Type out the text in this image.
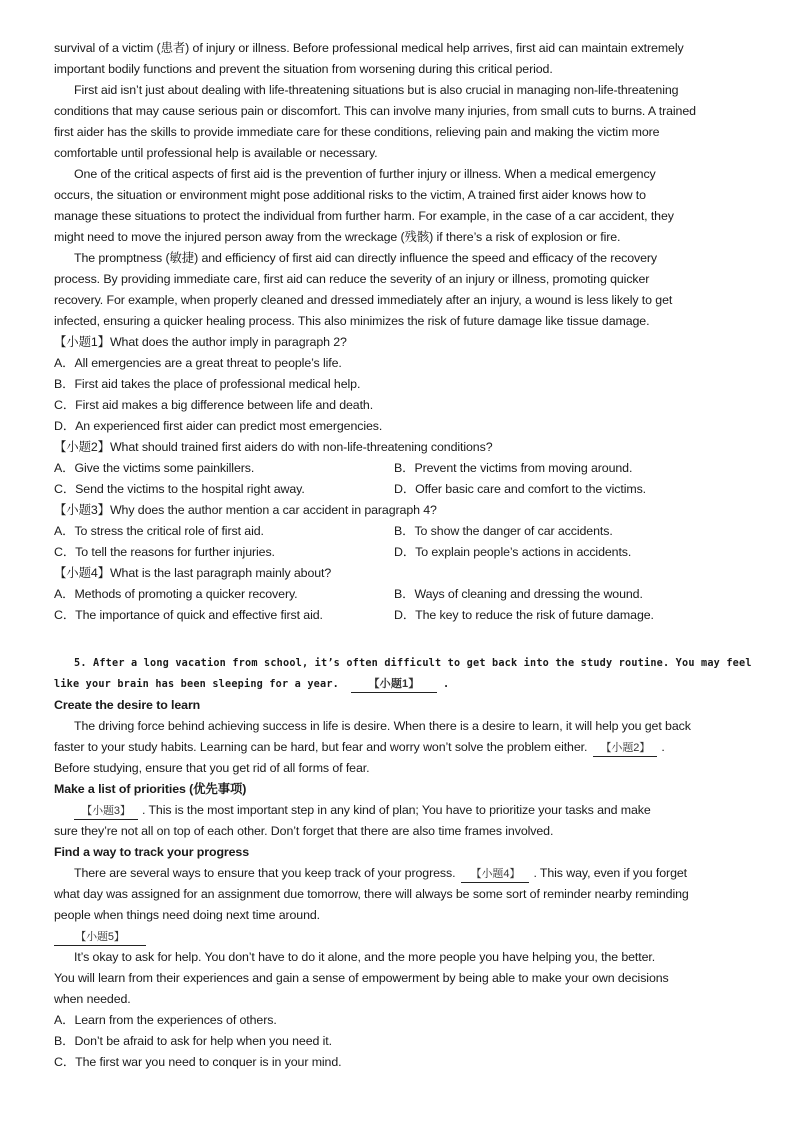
survival of a victim (患者) of injury or illness. Before professional medical help arrives, first aid can maintain extremely
important bodily functions and prevent the situation from worsening during this critical period.
First aid isn’t just about dealing with life-threatening situations but is also crucial in managing non-life-threatening
conditions that may cause serious pain or discomfort. This can involve many injuries, from small cuts to burns. A trained
first aider has the skills to provide immediate care for these conditions, relieving pain and making the victim more
comfortable until professional help is available or necessary.
One of the critical aspects of first aid is the prevention of further injury or illness. When a medical emergency
occurs, the situation or environment might pose additional risks to the victim, A trained first aider knows how to
manage these situations to protect the individual from further harm. For example, in the case of a car accident, they
might need to move the injured person away from the wreckage (残骸) if there’s a risk of explosion or fire.
The promptness (敏捷) and efficiency of first aid can directly influence the speed and efficacy of the recovery
process. By providing immediate care, first aid can reduce the severity of an injury or illness, promoting quicker
recovery. For example, when properly cleaned and dressed immediately after an injury, a wound is less likely to get
infected, ensuring a quicker healing process. This also minimizes the risk of future damage like tissue damage.
【小题1】What does the author imply in paragraph 2?
A．All emergencies are a great threat to people’s life.
B．First aid takes the place of professional medical help.
C．First aid makes a big difference between life and death.
D．An experienced first aider can predict most emergencies.
【小题2】What should trained first aiders do with non-life-threatening conditions?
A．Give the victims some painkillers.	B．Prevent the victims from moving around.
C．Send the victims to the hospital right away.	D．Offer basic care and comfort to the victims.
【小题3】Why does the author mention a car accident in paragraph 4?
A．To stress the critical role of first aid.	B．To show the danger of car accidents.
C．To tell the reasons for further injuries.	D．To explain people’s actions in accidents.
【小题4】What is the last paragraph mainly about?
A．Methods of promoting a quicker recovery.	B．Ways of cleaning and dressing the wound.
C．The importance of quick and effective first aid.	D．The key to reduce the risk of future damage.
5. After a long vacation from school, it’s often difficult to get back into the study routine. You may feel
like your brain has been sleeping for a year.	【小题1】 .
Create the desire to learn
The driving force behind achieving success in life is desire. When there is a desire to learn, it will help you get back
faster to your study habits. Learning can be hard, but fear and worry won’t solve the problem either. 【小题2】 .
Before studying, ensure that you get rid of all forms of fear.
Make a list of priorities (优先事项)
【小题3】 . This is the most important step in any kind of plan; You have to prioritize your tasks and make
sure they’re not all on top of each other. Don’t forget that there are also time frames involved.
Find a way to track your progress
There are several ways to ensure that you keep track of your progress. 【小题4】 . This way, even if you forget
what day was assigned for an assignment due tomorrow, there will always be some sort of reminder nearby reminding
people when things need doing next time around.
【小题5】
It’s okay to ask for help. You don’t have to do it alone, and the more people you have helping you, the better.
You will learn from their experiences and gain a sense of empowerment by being able to make your own decisions
when needed.
A．Learn from the experiences of others.
B．Don’t be afraid to ask for help when you need it.
C．The first war you need to conquer is in your mind.
